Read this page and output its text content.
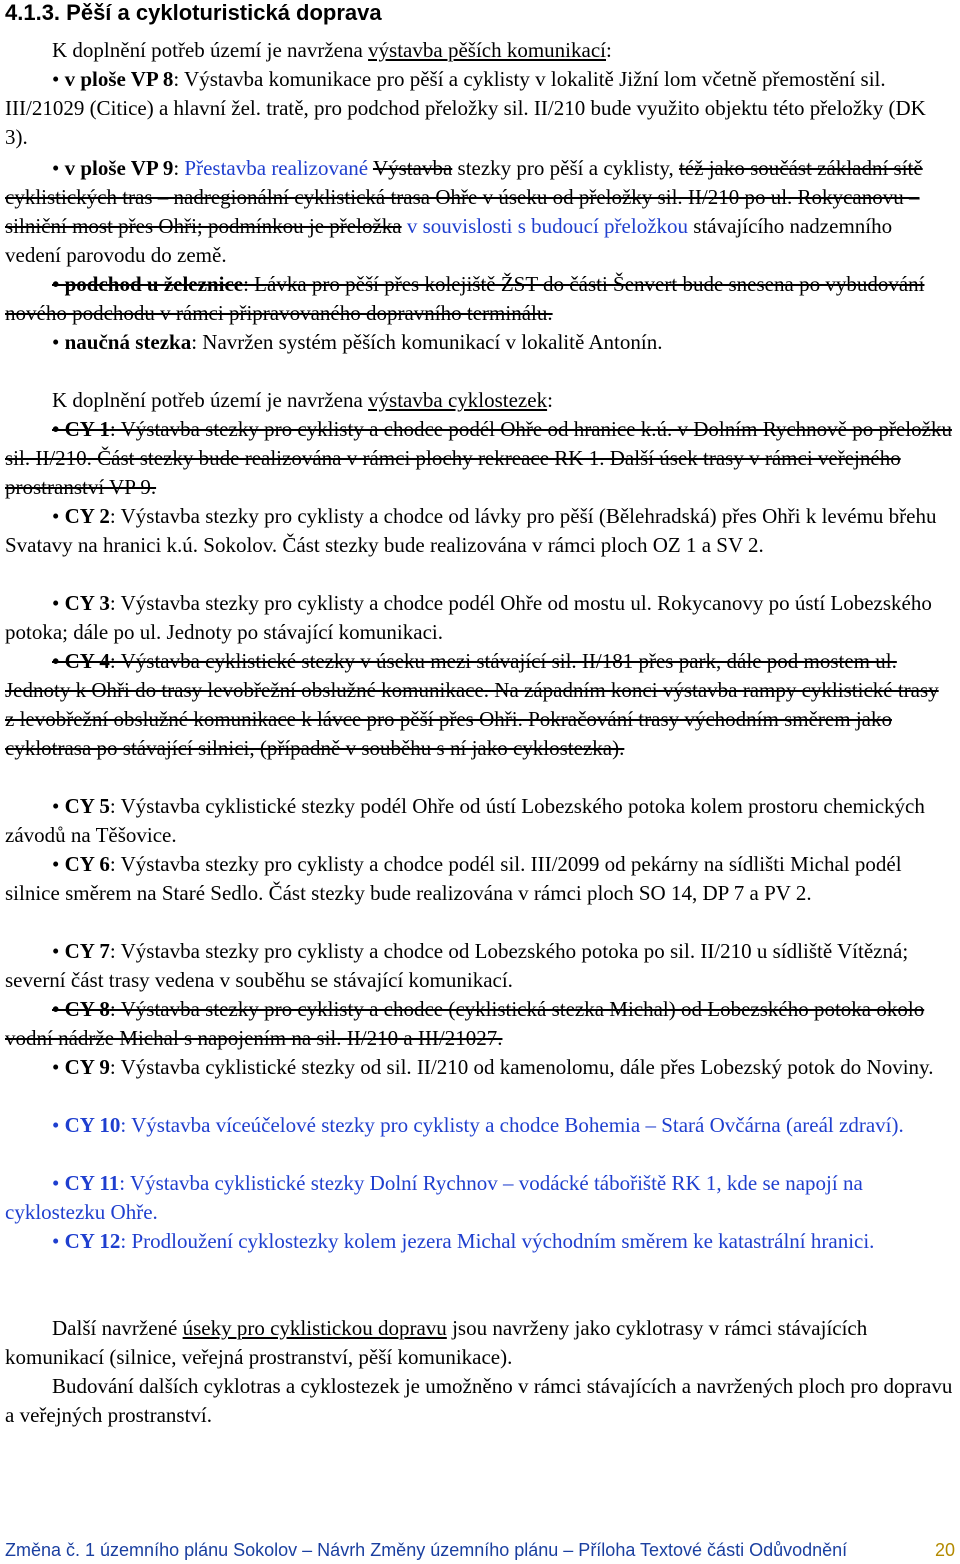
4.1.3. Pěší a cykloturistická doprava

K doplnění potřeb území je navržena výstavba pěších komunikací:

• v ploše VP 8: Výstavba komunikace pro pěší a cyklisty v lokalitě Jižní lom včetně přemostění sil. III/21029 (Citice) a hlavní žel. tratě, pro podchod přeložky sil. II/210 bude využito objektu této přeložky (DK 3).

• v ploše VP 9: Přestavba realizované Výstavba stezky pro pěší a cyklisty, též jako součást základní sítě cyklistických tras – nadregionální cyklistická trasa Ohře v úseku od přeložky sil. II/210 po ul. Rokycanovu – silniční most přes Ohři; podmínkou je přeložka v souvislosti s budoucí přeložkou stávajícího nadzemního vedení parovodu do země.

• podchod u železnice: Lávka pro pěší přes kolejiště ŽST do části Šenvert bude snesena po vybudování nového podchodu v rámci připravovaného dopravního terminálu.

• naučná stezka: Navržen systém pěších komunikací v lokalitě Antonín.

K doplnění potřeb území je navržena výstavba cyklostezek:

• CY 1: Výstavba stezky pro cyklisty a chodce podél Ohře od hranice k.ú. v Dolním Rychnově po přeložku sil. II/210. Část stezky bude realizována v rámci plochy rekreace RK 1. Další úsek trasy v rámci veřejného prostranství VP 9.

• CY 2: Výstavba stezky pro cyklisty a chodce od lávky pro pěší (Bělehradská) přes Ohři k levému břehu Svatavy na hranici k.ú. Sokolov. Část stezky bude realizována v rámci ploch OZ 1 a SV 2.

• CY 3: Výstavba stezky pro cyklisty a chodce podél Ohře od mostu ul. Rokycanovy po ústí Lobezského potoka; dále po ul. Jednoty po stávající komunikaci.

• CY 4: Výstavba cyklistické stezky v úseku mezi stávající sil. II/181 přes park, dále pod mostem ul. Jednoty k Ohři do trasy levobřežní obslužné komunikace. Na západním konci výstavba rampy cyklistické trasy z levobřežní obslužné komunikace k lávce pro pěší přes Ohři. Pokračování trasy východním směrem jako cyklotrasa po stávající silnici, (případně v souběhu s ní jako cyklostezka).

• CY 5: Výstavba cyklistické stezky podél Ohře od ústí Lobezského potoka kolem prostoru chemických závodů na Těšovice.

• CY 6: Výstavba stezky pro cyklisty a chodce podél sil. III/2099 od pekárny na sídlišti Michal podél silnice směrem na Staré Sedlo. Část stezky bude realizována v rámci ploch SO 14, DP 7 a PV 2.

• CY 7: Výstavba stezky pro cyklisty a chodce od Lobezského potoka po sil. II/210 u sídliště Vítězná; severní část trasy vedena v souběhu se stávající komunikací.

• CY 8: Výstavba stezky pro cyklisty a chodce (cyklistická stezka Michal) od Lobezského potoka okolo vodní nádrže Michal s napojením na sil. II/210 a III/21027.

• CY 9: Výstavba cyklistické stezky od sil. II/210 od kamenolomu, dále přes Lobezský potok do Noviny.

• CY 10: Výstavba víceúčelové stezky pro cyklisty a chodce Bohemia – Stará Ovčárna (areál zdraví).

• CY 11: Výstavba cyklistické stezky Dolní Rychnov – vodácké tábořiště RK 1, kde se napojí na cyklostezku Ohře.

• CY 12: Prodloužení cyklostezky kolem jezera Michal východním směrem ke katastrální hranici.

Další navržené úseky pro cyklistickou dopravu jsou navrženy jako cyklotrasy v rámci stávajících komunikací (silnice, veřejná prostranství, pěší komunikace).

Budování dalších cyklotras a cyklostezek je umožněno v rámci stávajících a navržených ploch pro dopravu a veřejných prostranství.

Změna č. 1 územního plánu Sokolov – Návrh Změny územního plánu – Příloha Textové části Odůvodnění	20
